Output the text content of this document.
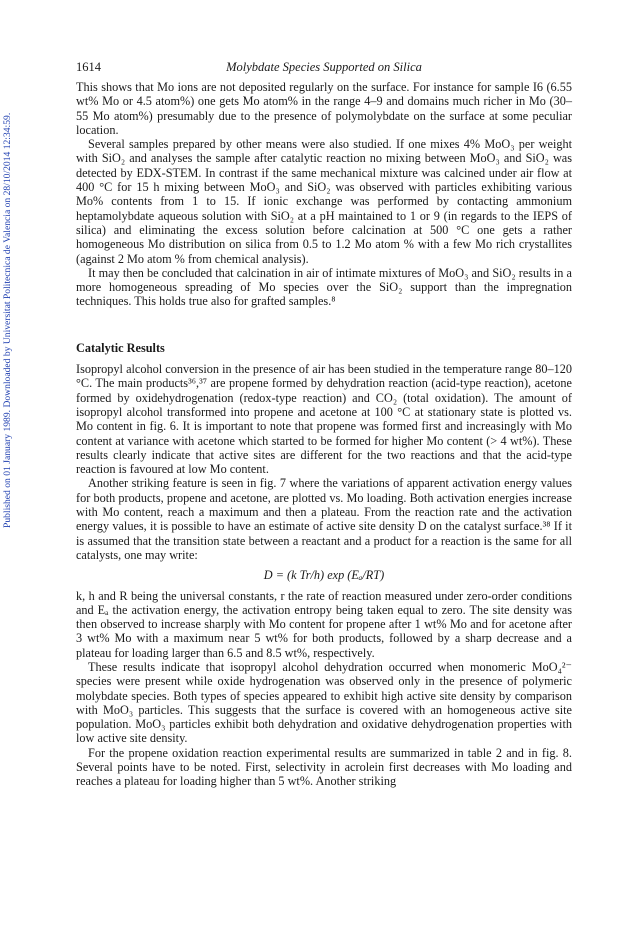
Published on 01 January 1989. Downloaded by Universitat Politecnica de Valencia on 28/10/2014 12:34:59.
1614	Molybdate Species Supported on Silica

This shows that Mo ions are not deposited regularly on the surface. For instance for sample I6 (6.55 wt% Mo or 4.5 atom%) one gets Mo atom% in the range 4–9 and domains much richer in Mo (30–55 Mo atom%) presumably due to the presence of polymolybdate on the surface at some peculiar location.

Several samples prepared by other means were also studied. If one mixes 4% MoO₃ per weight with SiO₂ and analyses the sample after catalytic reaction no mixing between MoO₃ and SiO₂ was detected by EDX-STEM. In contrast if the same mechanical mixture was calcined under air flow at 400 °C for 15 h mixing between MoO₃ and SiO₂ was observed with particles exhibiting various Mo% contents from 1 to 15. If ionic exchange was performed by contacting ammonium heptamolybdate aqueous solution with SiO₂ at a pH maintained to 1 or 9 (in regards to the IEPS of silica) and eliminating the excess solution before calcination at 500 °C one gets a rather homogeneous Mo distribution on silica from 0.5 to 1.2 Mo atom % with a few Mo rich crystallites (against 2 Mo atom % from chemical analysis).

It may then be concluded that calcination in air of intimate mixtures of MoO₃ and SiO₂ results in a more homogeneous spreading of Mo species over the SiO₂ support than the impregnation techniques. This holds true also for grafted samples.⁸

Catalytic Results

Isopropyl alcohol conversion in the presence of air has been studied in the temperature range 80–120 °C. The main products³⁶,³⁷ are propene formed by dehydration reaction (acid-type reaction), acetone formed by oxidehydrogenation (redox-type reaction) and CO₂ (total oxidation). The amount of isopropyl alcohol transformed into propene and acetone at 100 °C at stationary state is plotted vs. Mo content in fig. 6. It is important to note that propene was formed first and increasingly with Mo content at variance with acetone which started to be formed for higher Mo content (> 4 wt%). These results clearly indicate that active sites are different for the two reactions and that the acid-type reaction is favoured at low Mo content.

Another striking feature is seen in fig. 7 where the variations of apparent activation energy values for both products, propene and acetone, are plotted vs. Mo loading. Both activation energies increase with Mo content, reach a maximum and then a plateau. From the reaction rate and the activation energy values, it is possible to have an estimate of active site density D on the catalyst surface.³⁸ If it is assumed that the transition state between a reactant and a product for a reaction is the same for all catalysts, one may write:

D = (k Tr/h) exp (Eₐ/RT)

k, h and R being the universal constants, r the rate of reaction measured under zero-order conditions and Eₐ the activation energy, the activation entropy being taken equal to zero. The site density was then observed to increase sharply with Mo content for propene after 1 wt% Mo and for acetone after 3 wt% Mo with a maximum near 5 wt% for both products, followed by a sharp decrease and a plateau for loading larger than 6.5 and 8.5 wt%, respectively.

These results indicate that isopropyl alcohol dehydration occurred when monomeric MoO₄²⁻ species were present while oxide hydrogenation was observed only in the presence of polymeric molybdate species. Both types of species appeared to exhibit high active site density by comparison with MoO₃ particles. This suggests that the surface is covered with an homogeneous active site population. MoO₃ particles exhibit both dehydration and oxidative dehydrogenation properties with low active site density.

For the propene oxidation reaction experimental results are summarized in table 2 and in fig. 8. Several points have to be noted. First, selectivity in acrolein first decreases with Mo loading and reaches a plateau for loading higher than 5 wt%. Another striking
